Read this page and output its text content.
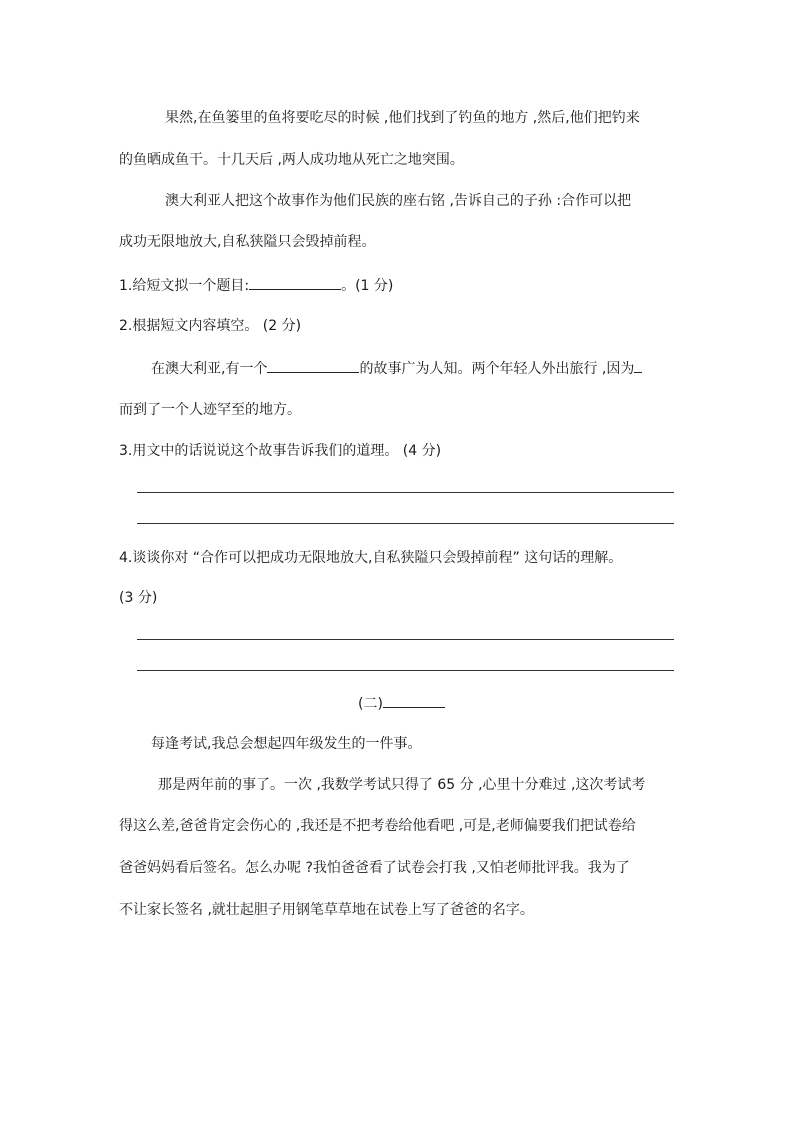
果然,在鱼篓里的鱼将要吃尽的时候 ,他们找到了钓鱼的地方 ,然后,他们把钓来
的鱼晒成鱼干。十几天后 ,两人成功地从死亡之地突围。
澳大利亚人把这个故事作为他们民族的座右铭 ,告诉自己的子孙 :合作可以把
成功无限地放大,自私狭隘只会毁掉前程。
1.给短文拟一个题目:	。(1 分)
2.根据短文内容填空。 (2 分)
在澳大利亚,有一个	的故事广为人知。两个年轻人外出旅行 ,因为
而到了一个人迹罕至的地方。
3.用文中的话说说这个故事告诉我们的道理。 (4 分)
4.谈谈你对 “合作可以把成功无限地放大,自私狭隘只会毁掉前程” 这句话的理解。
(3 分)
(二)
每逢考试,我总会想起四年级发生的一件事。
那是两年前的事了。一次 ,我数学考试只得了 65 分 ,心里十分难过 ,这次考试考
得这么差,爸爸肯定会伤心的 ,我还是不把考卷给他看吧 ,可是,老师偏要我们把试卷给
爸爸妈妈看后签名。怎么办呢 ?我怕爸爸看了试卷会打我 ,又怕老师批评我。我为了
不让家长签名 ,就壮起胆子用钢笔草草地在试卷上写了爸爸的名字。
